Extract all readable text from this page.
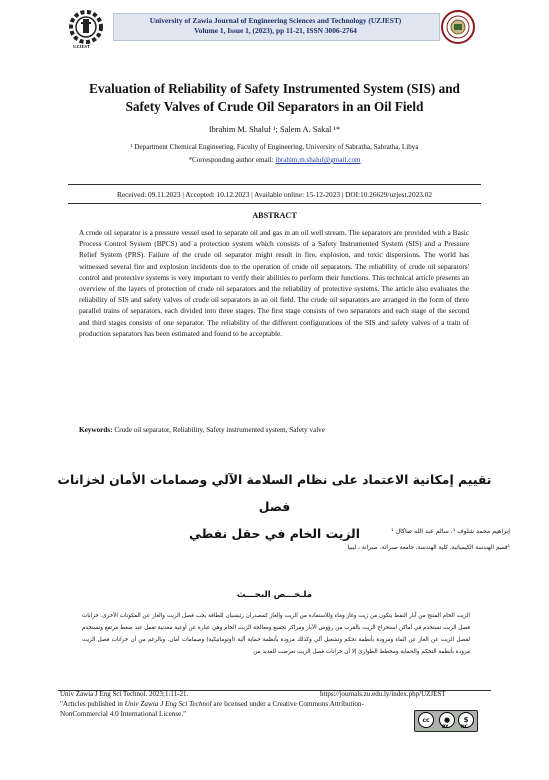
UZJEST
University of Zawia Journal of Engineering Sciences and Technology (UZJEST)
Volume 1, Issue 1, (2023), pp 11-21, ISSN 3006-2764
Evaluation of Reliability of Safety Instrumented System (SIS) and
Safety Valves of Crude Oil Separators in an Oil Field
Ibrahim M. Shaluf ¹; Salem A. Sakal ¹*
¹ Department Chemical Engineering, Faculty of Engineering, University of Sabratha, Sabratha, Libya
*Corresponding author email: ibrahim.m.shaluf@gmail.com
Received: 09.11.2023 | Accepted: 10.12.2023 | Available online: 15-12-2023 | DOI:10.26629/uzjest.2023.02
ABSTRACT
A crude oil separator is a pressure vessel used to separate oil and gas in an oil well stream. The separators are provided with a Basic Process Control System (BPCS) and a protection system which consists of a Safety Instrumented System (SIS) and a Pressure Relief System (PRS). Failure of the crude oil separator might result in fire, explosion, and toxic dispersions. The world has witnessed several fire and explosion incidents due to the operation of crude oil separators. The reliability of crude oil separators' control and protective systems is very important to verify their abilities to perform their functions. This technical article presents an overview of the layers of protection of crude oil separators and the reliability of protective systems. The article also evaluates the reliability of SIS and safety valves of crude oil separators in an oil field. The crude oil separators are arranged in the form of three parallel trains of separators, each divided into three stages. The first stage consists of two separators and each stage of the second and third stages consists of one separator. The reliability of the different configurations of the SIS and safety valves of a train of production separators has been estimated and found to be acceptable.
Keywords: Crude oil separator, Reliability, Safety instrumented system, Safety valve
تقييم إمكانية الاعتماد على نظام السلامة الآلي وصمامات الأمان لخزانات فصل
الزيت الخام في حقل نفطي	إبراهيم محمد شلوف ¹، سالم عبد الله صاكال ¹
¹قسم الهندسة الكيميائية، كلية الهندسة، جامعة صبراتة، صبراتة ، ليبيا
ملـخـــص البحـــث
الزيت الخام المنتج من آبار النفط يتكون من زيت وغاز وماء وللاستفادة من الزيت والغاز كمصدران رئيسيان للطاقة يجب فصل الزيت والغاز عن المكونات الأخرى. خزانات فصل الزيت تستخدم في أماكن استخراج الزيت بالقرب من رؤوس الآبار ومراكز تجميع ومعالجة الزيت الخام وهي عبارة عن أوعية معدنية تعمل عند ضغط مرتفع وتستخدم لفصل الزيت عن الغاز عن الماء ومزودة بأنظمة تحكم وتشغيل آلي وكذلك مزودة بأنظمة حماية آلية (أوتوماتيكية) وصمامات أمان. وبالرغم من أن خزانات فصل الزيت مزودة بأنظمة التحكم والحماية ومخطط الطوارئ إلا أن خزانات فصل الزيت تعرضت للعديد من
Univ Zawia J Eng Sci Technol. 2023;1:11-21.	https://journals.zu.edu.ly/index.php/UZJEST
"Articles published in Univ Zawia J Eng Sci Technol are licensed under a Creative Commons Attribution-NonCommercial 4.0 International License."
cc	●	$
BY	NC
